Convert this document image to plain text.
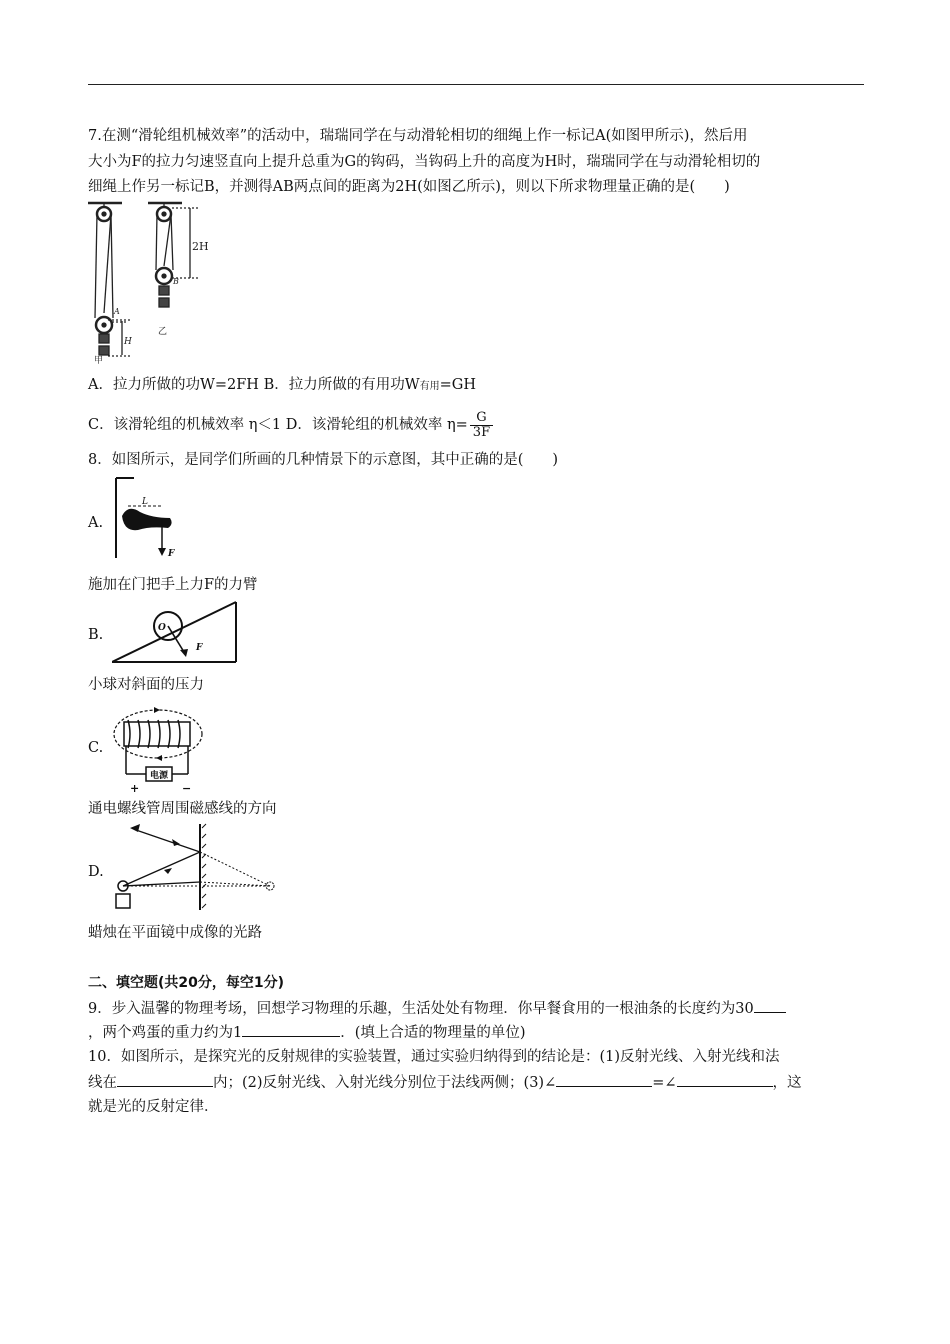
7.在测“滑轮组机械效率”的活动中，瑞瑞同学在与动滑轮相切的细绳上作一标记A(如图甲所示)，然后用
大小为F的拉力匀速竖直向上提升总重为G的钩码，当钩码上升的高度为H时，瑞瑞同学在与动滑轮相切的
细绳上作另一标记B，并测得AB两点间的距离为2H(如图乙所示)，则以下所求物理量正确的是(　　)
甲
乙
A
B
2H
H
A．拉力所做的功W=2FH B．拉力所做的有用功W有用=GH
C．该滑轮组的机械效率 η＜1 D．该滑轮组的机械效率 $\eta= \frac{G}{3F}$
8．如图所示，是同学们所画的几种情景下的示意图，其中正确的是(　　)
A.
L
F
施加在门把手上力F的力臂
B.	O
F
小球对斜面的压力
C.
电源
+	−
通电螺线管周围磁感线的方向
D.
蜡烛在平面镜中成像的光路
二、填空题(共20分，每空1分)
9．步入温馨的物理考场，回想学习物理的乐趣，生活处处有物理．你早餐食用的一根油条的长度约为30
，两个鸡蛋的重力约为1	．(填上合适的物理量的单位)
10．如图所示，是探究光的反射规律的实验装置，通过实验归纳得到的结论是：(1)反射光线、入射光线和法
线在	内；(2)反射光线、入射光线分别位于法线两侧；(3)∠	=∠	，这
就是光的反射定律．
